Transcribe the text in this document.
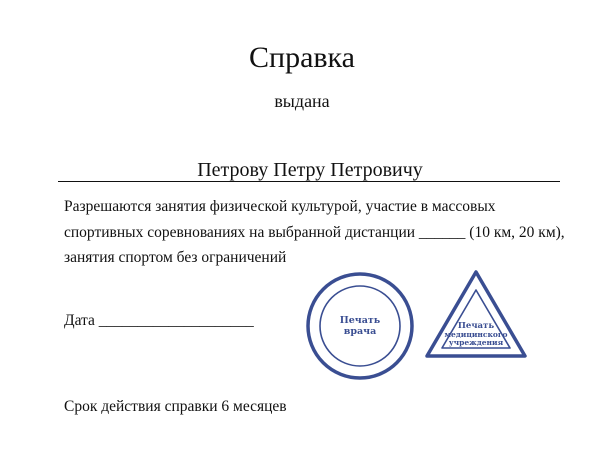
Справка
выдана
Петрову Петру Петровичу
Разрешаются занятия физической культурой, участие в массовых
спортивных соревнованиях на выбранной дистанции ______ (10 км, 20 км),
занятия спортом без ограничений
Дата ____________________
Срок действия справки 6 месяцев
Печать
врача	Печать
медицинского
учреждения
